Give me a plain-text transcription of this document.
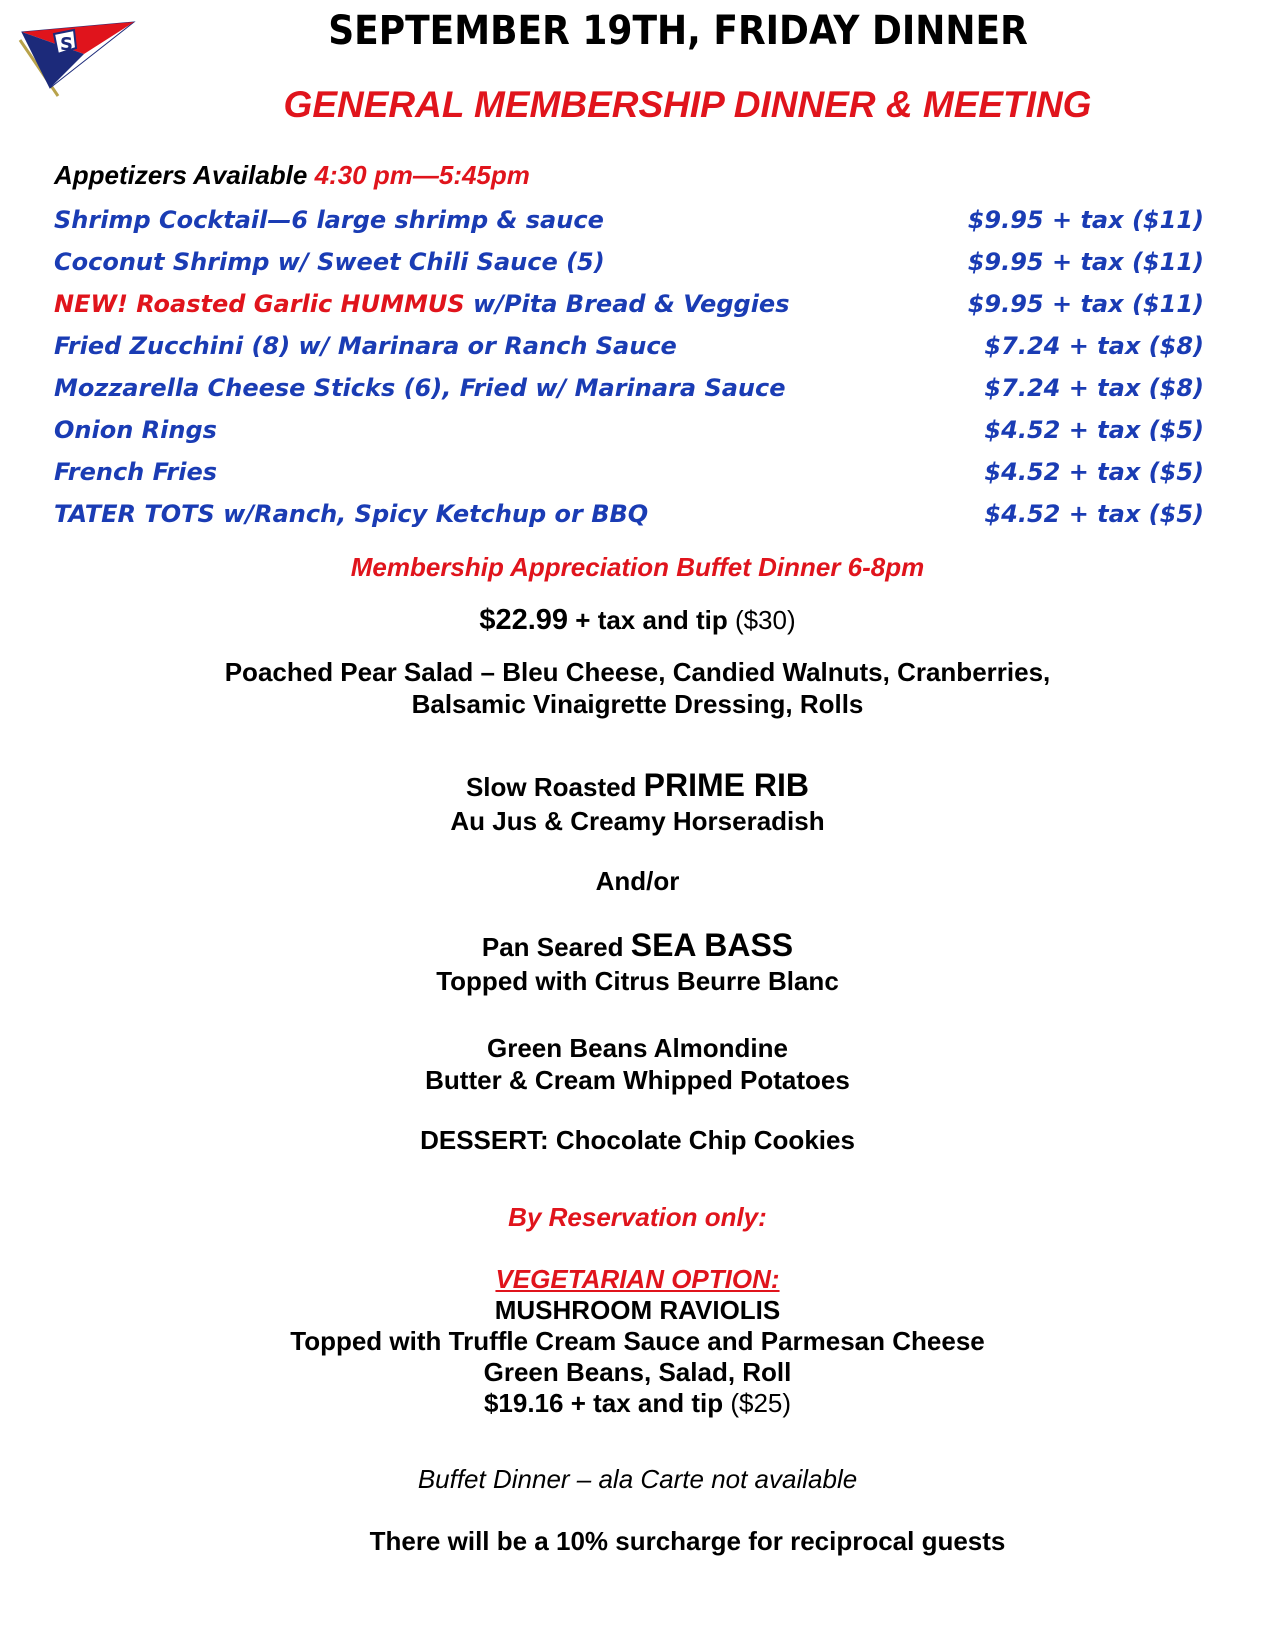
S	SEPTEMBER 19TH, FRIDAY DINNER
GENERAL MEMBERSHIP DINNER & MEETING
Appetizers Available 4:30 pm—5:45pm
Shrimp Cocktail—6 large shrimp & sauce	$9.95 + tax ($11)
Coconut Shrimp w/ Sweet Chili Sauce (5)	$9.95 + tax ($11)
NEW! Roasted Garlic HUMMUS w/Pita Bread & Veggies	$9.95 + tax ($11)
Fried Zucchini (8) w/ Marinara or Ranch Sauce	$7.24 + tax ($8)
Mozzarella Cheese Sticks (6), Fried w/ Marinara Sauce	$7.24 + tax ($8)
Onion Rings	$4.52 + tax ($5)
French Fries	$4.52 + tax ($5)
TATER TOTS w/Ranch, Spicy Ketchup or BBQ	$4.52 + tax ($5)
Membership Appreciation Buffet Dinner 6-8pm
$22.99 + tax and tip ($30)
Poached Pear Salad – Bleu Cheese, Candied Walnuts, Cranberries,
Balsamic Vinaigrette Dressing, Rolls
Slow Roasted PRIME RIB
Au Jus & Creamy Horseradish
And/or
Pan Seared SEA BASS
Topped with Citrus Beurre Blanc
Green Beans Almondine
Butter & Cream Whipped Potatoes
DESSERT: Chocolate Chip Cookies
By Reservation only:
VEGETARIAN OPTION:
MUSHROOM RAVIOLIS
Topped with Truffle Cream Sauce and Parmesan Cheese
Green Beans, Salad, Roll
$19.16 + tax and tip ($25)
Buffet Dinner – ala Carte not available
There will be a 10% surcharge for reciprocal guests
